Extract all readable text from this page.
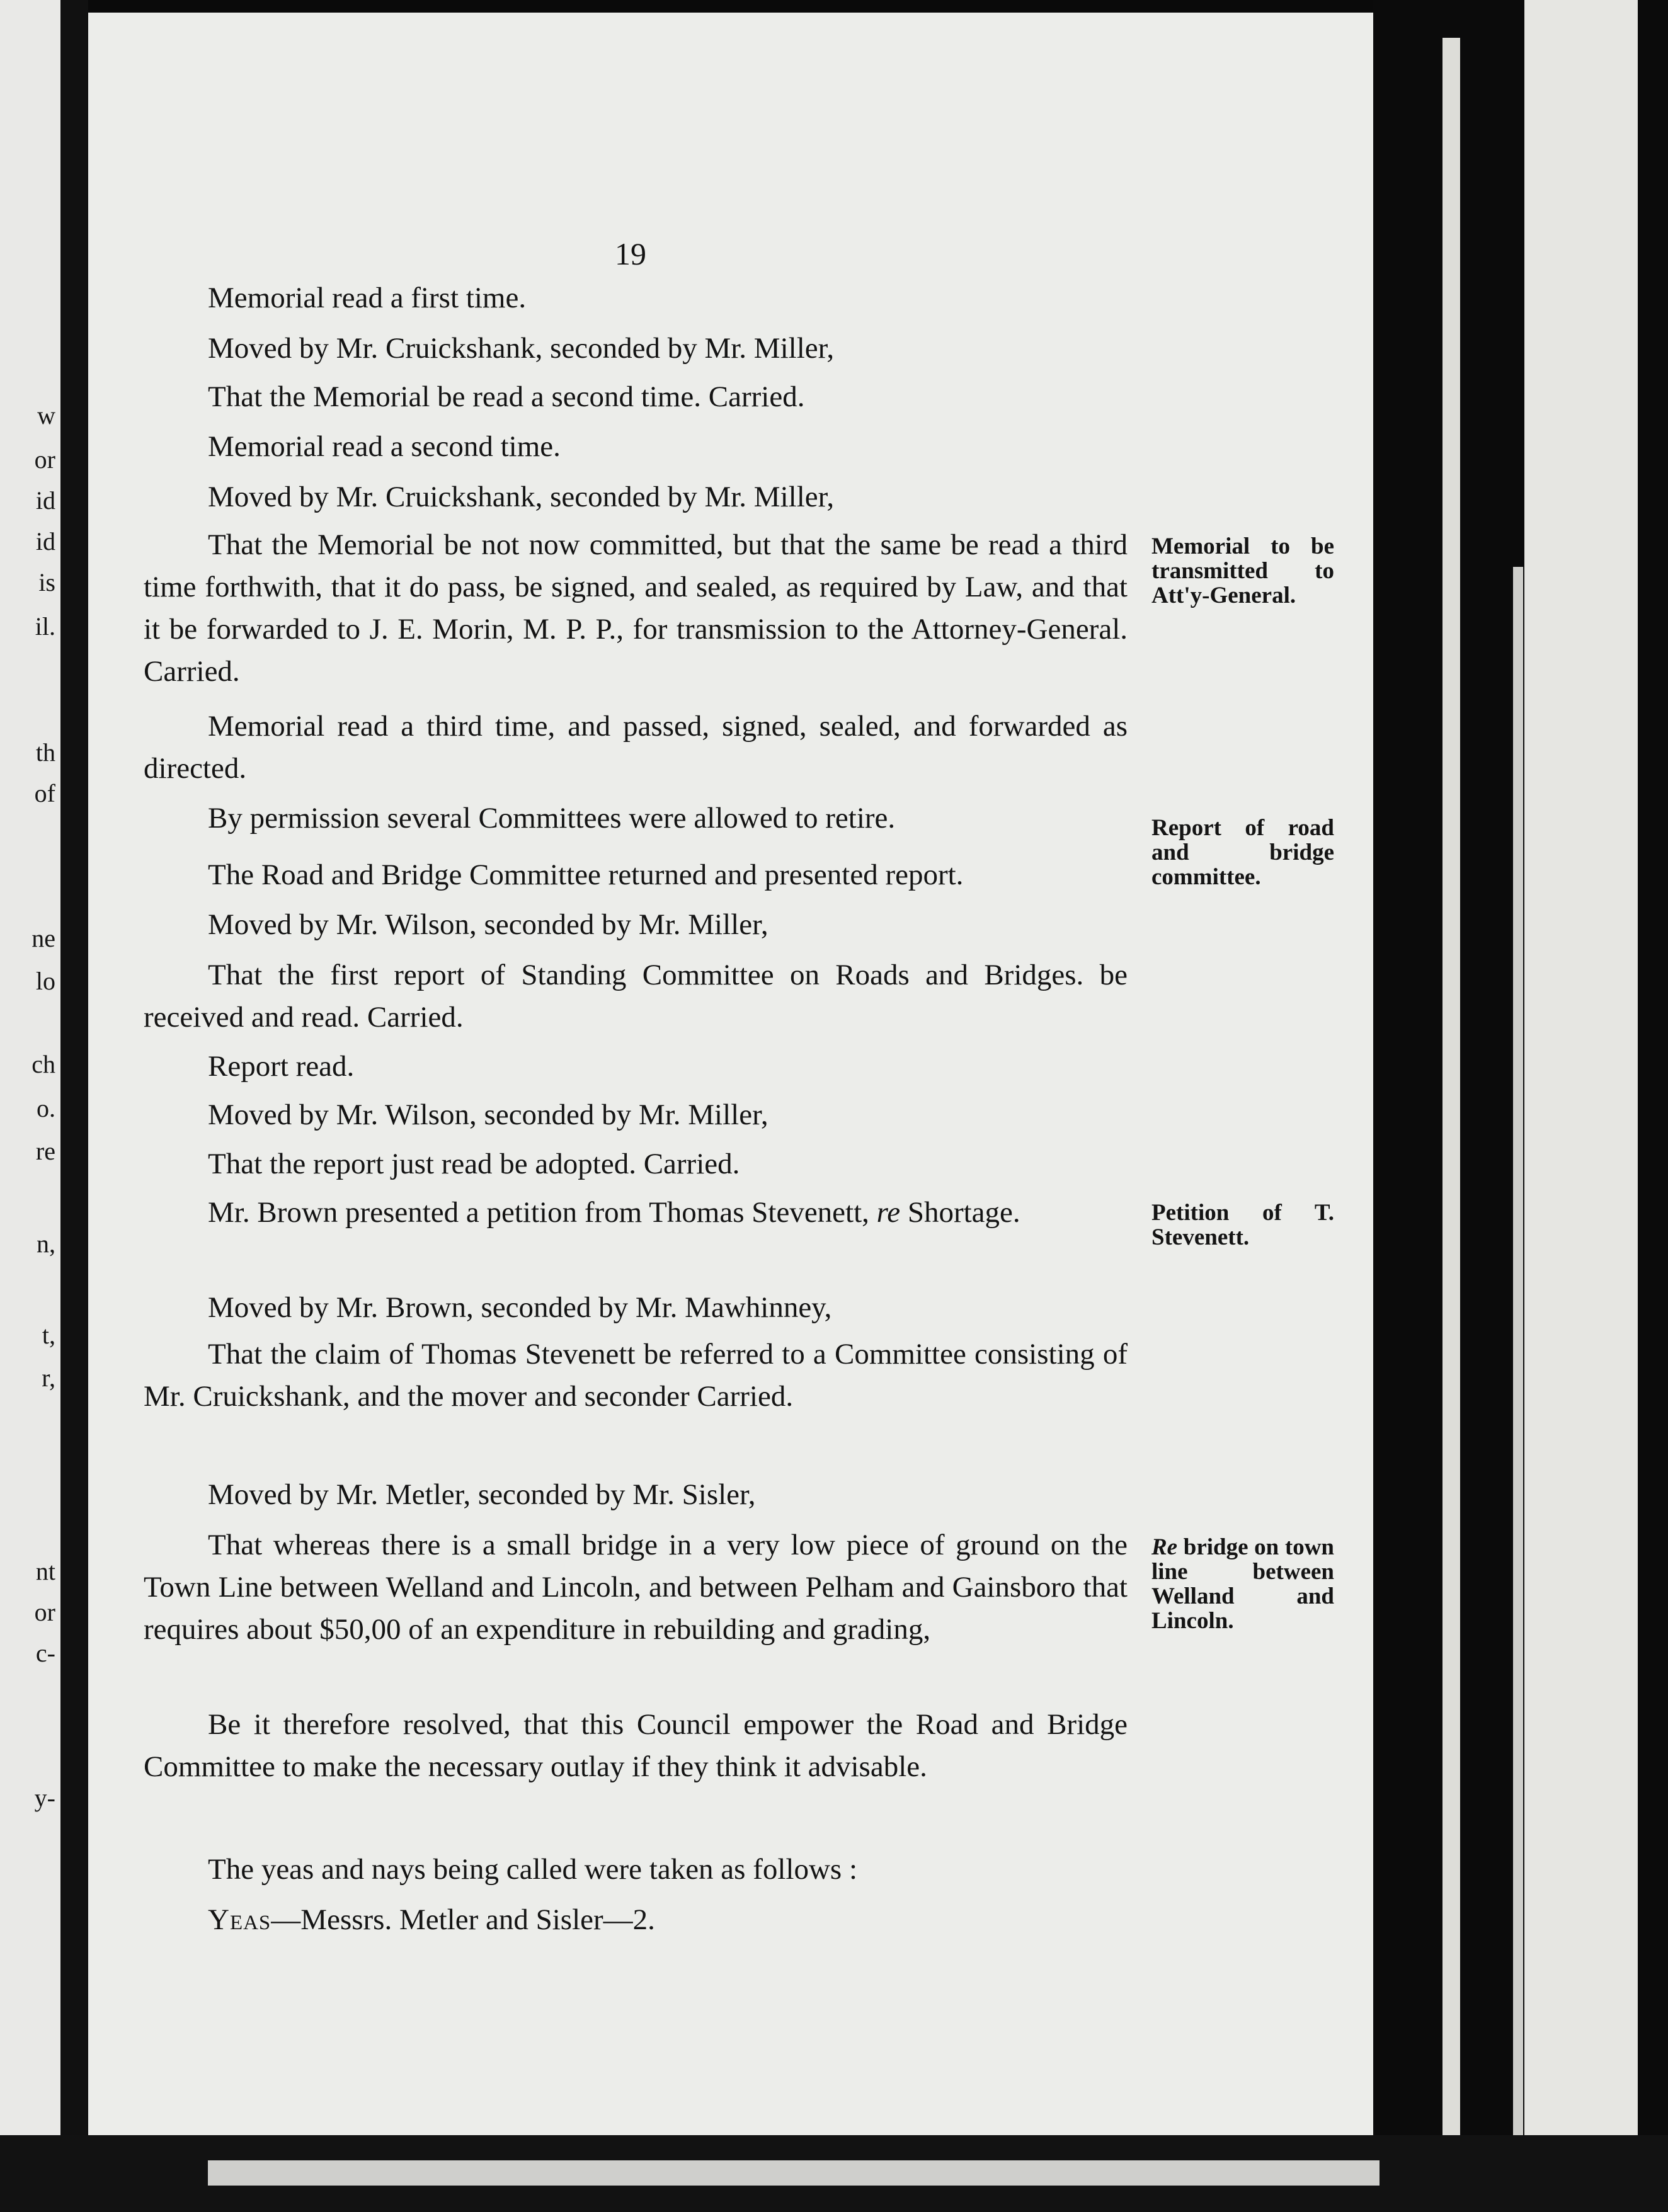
w
or
id
id
is
il.
th
of
ne
lo
ch
o.
re
n,
t,
r,
nt
or
c-
y-
19

Memorial read a first time.

Moved by Mr. Cruickshank, seconded by Mr. Miller,

That the Memorial be read a second time. Carried.

Memorial read a second time.

Moved by Mr. Cruickshank, seconded by Mr. Miller,

That the Memorial be not now committed, but that the same be read a third time forthwith, that it do pass, be signed, and sealed, as required by Law, and that it be forwarded to J. E. Morin, M. P. P., for transmission to the Attorney-General. Carried.

Memorial read a third time, and passed, signed, sealed, and forwarded as directed.

By permission several Committees were allowed to retire.

The Road and Bridge Committee returned and presented report.

Moved by Mr. Wilson, seconded by Mr. Miller,

That the first report of Standing Committee on Roads and Bridges. be received and read. Carried.

Report read.

Moved by Mr. Wilson, seconded by Mr. Miller,

That the report just read be adopted. Carried.

Mr. Brown presented a petition from Thomas Stevenett, re Shortage.

Moved by Mr. Brown, seconded by Mr. Mawhinney,

That the claim of Thomas Stevenett be referred to a Committee consisting of Mr. Cruickshank, and the mover and seconder Carried.

Moved by Mr. Metler, seconded by Mr. Sisler,

That whereas there is a small bridge in a very low piece of ground on the Town Line between Welland and Lincoln, and between Pelham and Gainsboro that requires about $50,00 of an expenditure in rebuilding and grading,

Be it therefore resolved, that this Council empower the Road and Bridge Committee to make the necessary outlay if they think it advisable.

The yeas and nays being called were taken as follows :

Yeas—Messrs. Metler and Sisler—2.

Memorial to be transmitted to Att'y-General.
Report of road and bridge committee.
Petition of T. Stevenett.
Re bridge on town line between Welland and Lincoln.
